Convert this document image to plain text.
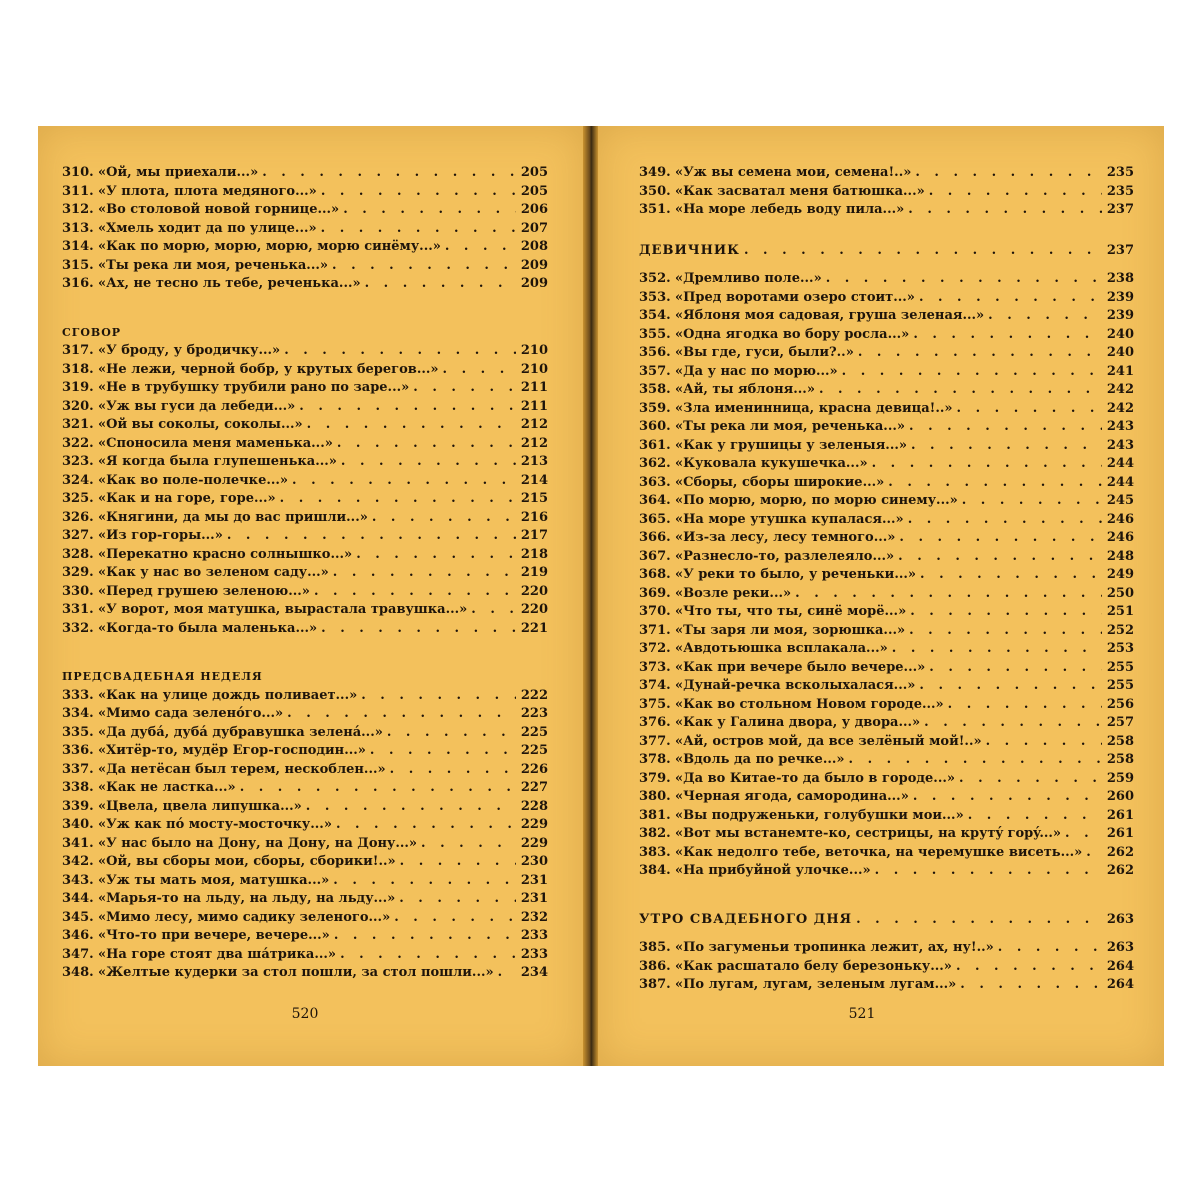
310. «Ой, мы приехали...» . . .	205
311. «У плота, плота медяного...» . . .	205
312. «Во столовой новой горнице...» . . .	206
313. «Хмель ходит да по улице...» . . .	207
314. «Как по морю, морю, морю, морю синёму...» . . .	208
315. «Ты река ли моя, реченька...» . . .	209
316. «Ах, не тесно ль тебе, реченька...» . . .	209
СГОВОР
317. «У броду, у бродичку...» . . .	210
318. «Не лежи, черной бобр, у крутых берегов...» . . .	210
319. «Не в трубушку трубили рано по заре...» . . .	211
320. «Уж вы гуси да лебеди...» . . .	211
321. «Ой вы соколы, соколы...» . . .	212
322. «Споносила меня маменька...» . . .	212
323. «Я когда была глупешенька...» . . .	213
324. «Как во поле-полечке...» . . .	214
325. «Как и на горе, горе...» . . .	215
326. «Княгини, да мы до вас пришли...» . . .	216
327. «Из гор-горы...» . . .	217
328. «Перекатно красно солнышко...» . . .	218
329. «Как у нас во зеленом саду...» . . .	219
330. «Перед грушею зеленою...» . . .	220
331. «У ворот, моя матушка, вырастала травушка...» . . .	220
332. «Когда-то была маленька...» . . .	221
ПРЕДСВАДЕБНАЯ НЕДЕЛЯ
333. «Как на улице дождь поливает...» . . .	222
334. «Мимо сада зеленóго...» . . .	223
335. «Да дубá, дубá дубравушка зеленá...» . . .	225
336. «Хитёр-то, мудёр Егор-господин...» . . .	225
337. «Да нетёсан был терем, нескоблен...» . . .	226
338. «Как не ластка...» . . .	227
339. «Цвела, цвела липушка...» . . .	228
340. «Уж как пó мосту-мосточку...» . . .	229
341. «У нас было на Дону, на Дону, на Дону...» . . .	229
342. «Ой, вы сборы мои, сборы, сборики!..» . . .	230
343. «Уж ты мать моя, матушка...» . . .	231
344. «Марья-то на льду, на льду, на льду...» . . .	231
345. «Мимо лесу, мимо садику зеленого...» . . .	232
346. «Что-то при вечере, вечере...» . . .	233
347. «На горе стоят два шáтрика...» . . .	233
348. «Желтые кудерки за стол пошли, за стол пошли...» . . . 234
520
349. «Уж вы семена мои, семена!..» . . .	235
350. «Как засватал меня батюшка...» . . .	235
351. «На море лебедь воду пила...» . . .	237
ДЕВИЧНИК . . .	237
352. «Дремливо поле...» . . .	238
353. «Пред воротами озеро стоит...» . . .	239
354. «Яблоня моя садовая, груша зеленая...» . . .	239
355. «Одна ягодка во бору росла...» . . .	240
356. «Вы где, гуси, были?..» . . .	240
357. «Да у нас по морю...» . . .	241
358. «Ай, ты яблоня...» . . .	242
359. «Зла именинница, красна девица!..» . . .	242
360. «Ты река ли моя, реченька...» . . .	243
361. «Как у грушицы у зеленыя...» . . .	243
362. «Куковала кукушечка...» . . .	244
363. «Сборы, сборы широкие...» . . .	244
364. «По морю, морю, по морю синему...» . . .	245
365. «На море утушка купалася...» . . .	246
366. «Из-за лесу, лесу темного...» . . .	246
367. «Разнесло-то, разлелеяло...» . . .	248
368. «У реки то было, у реченьки...» . . .	249
369. «Возле реки...» . . .	250
370. «Что ты, что ты, синё морё...» . . .	251
371. «Ты заря ли моя, зорюшка...» . . .	252
372. «Авдотьюшка всплакала...» . . .	253
373. «Как при вечере было вечере...» . . .	255
374. «Дунай-речка всколыхалася...» . . .	255
375. «Как во стольном Новом городе...» . . .	256
376. «Как у Галина двора, у двора...» . . .	257
377. «Ай, остров мой, да все зелёный мой!..» . . .	258
378. «Вдоль да по речке...» . . .	258
379. «Да во Китае-то да было в городе...» . . .	259
380. «Черная ягода, самородина...» . . .	260
381. «Вы подруженьки, голубушки мои...» . . .	261
382. «Вот мы встанемте-ко, сестрицы, на крутý горý...» . . .	261
383. «Как недолго тебе, веточка, на черемушке висеть...» . . . 262
384. «На прибуйной улочке...» . . .	262
УТРО СВАДЕБНОГО ДНЯ . . .	263
385. «По загуменьи тропинка лежит, ах, ну!..» . . .	263
386. «Как расшатало белу березоньку...» . . .	264
387. «По лугам, лугам, зеленым лугам...» . . .	264
521
